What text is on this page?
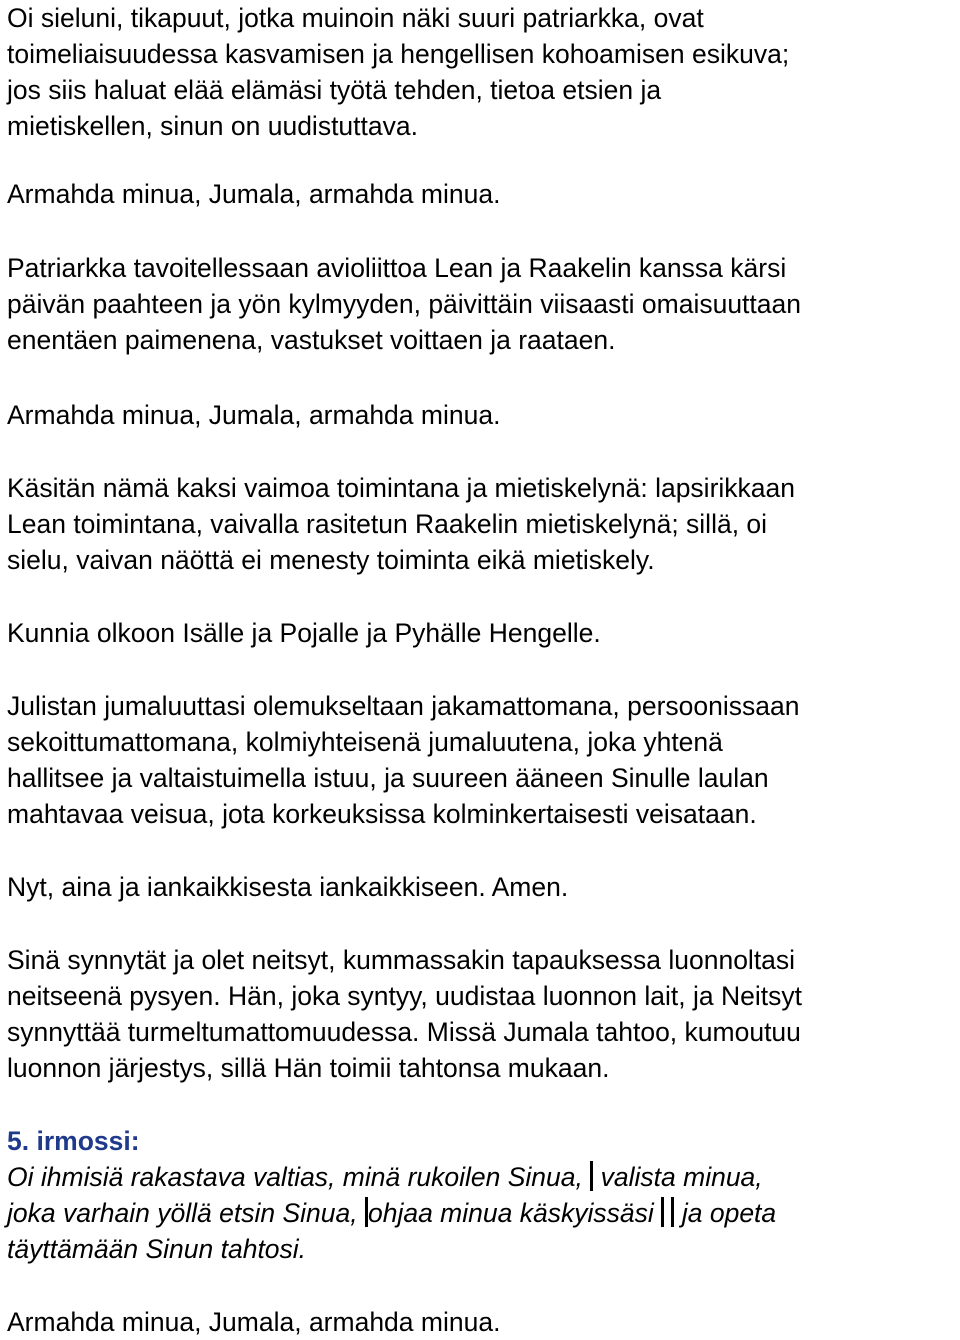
Oi sieluni, tikapuut, jotka muinoin näki suuri patriarkka, ovat
toimeliaisuudessa kasvamisen ja hengellisen kohoamisen esikuva;
jos siis haluat elää elämäsi työtä tehden, tietoa etsien ja
mietiskellen, sinun on uudistuttava.

Armahda minua, Jumala, armahda minua.

Patriarkka tavoitellessaan avioliittoa Lean ja Raakelin kanssa kärsi
päivän paahteen ja yön kylmyyden, päivittäin viisaasti omaisuuttaan
enentäen paimenena, vastukset voittaen ja raataen.

Armahda minua, Jumala, armahda minua.

Käsitän nämä kaksi vaimoa toimintana ja mietiskelynä: lapsirikkaan
Lean toimintana, vaivalla rasitetun Raakelin mietiskelynä; sillä, oi
sielu, vaivan näöttä ei menesty toiminta eikä mietiskely.

Kunnia olkoon Isälle ja Pojalle ja Pyhälle Hengelle.

Julistan jumaluuttasi olemukseltaan jakamattomana, persoonissaan
sekoittumattomana, kolmiyhteisenä jumaluutena, joka yhtenä
hallitsee ja valtaistuimella istuu, ja suureen ääneen Sinulle laulan
mahtavaa veisua, jota korkeuksissa kolminkertaisesti veisataan.

Nyt, aina ja iankaikkisesta iankaikkiseen. Amen.

Sinä synnytät ja olet neitsyt, kummassakin tapauksessa luonnoltasi
neitseenä pysyen. Hän, joka syntyy, uudistaa luonnon lait, ja Neitsyt
synnyttää turmeltumattomuudessa. Missä Jumala tahtoo, kumoutuu
luonnon järjestys, sillä Hän toimii tahtonsa mukaan.

5. irmossi:
Oi ihmisiä rakastava valtias, minä rukoilen Sinua, valista minua,
joka varhain yöllä etsin Sinua, ohjaa minua käskyissäsi ja opeta
täyttämään Sinun tahtosi.

Armahda minua, Jumala, armahda minua.
